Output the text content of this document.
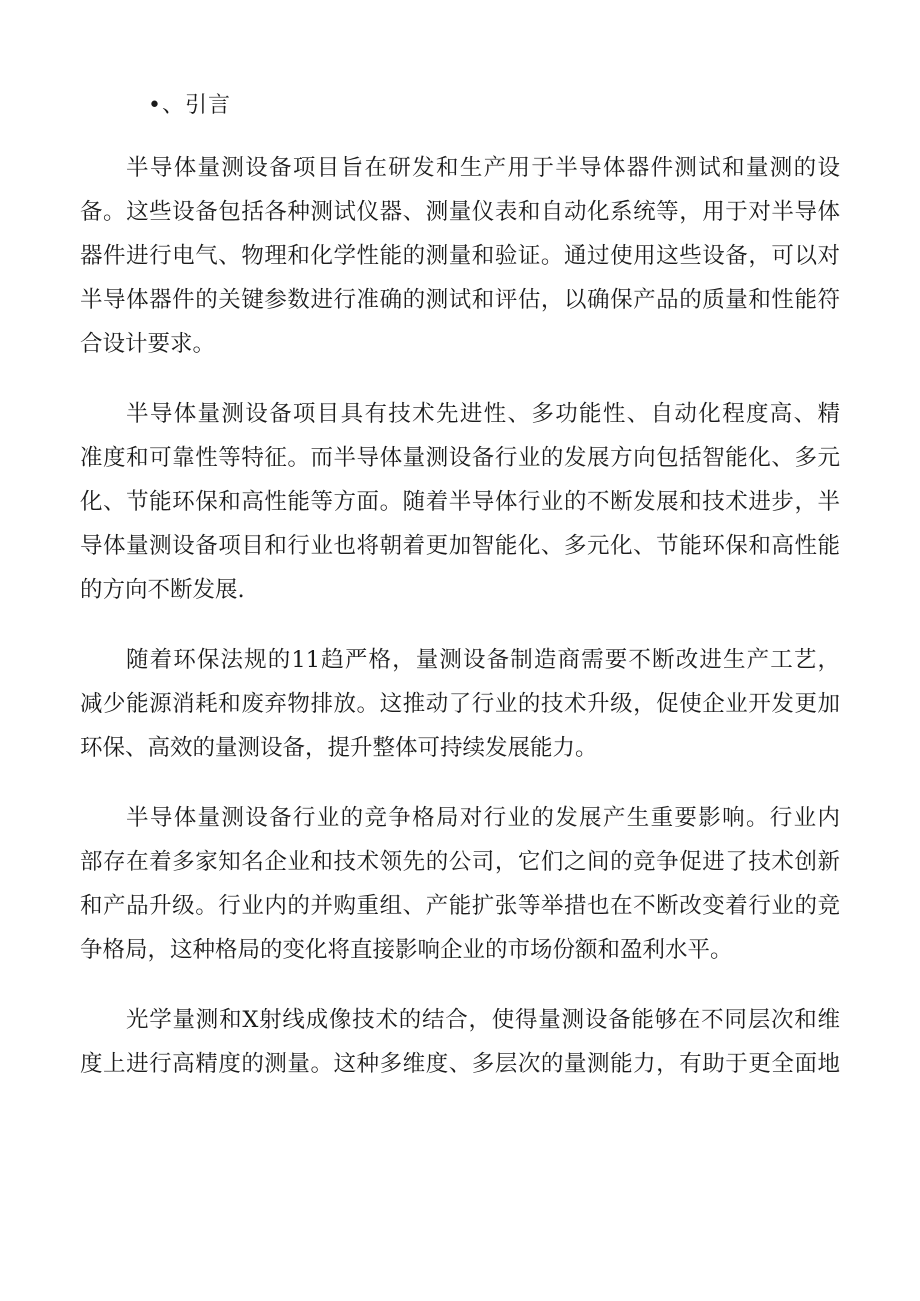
•、引言
半导体量测设备项目旨在研发和生产用于半导体器件测试和量测的设
备。这些设备包括各种测试仪器、测量仪表和自动化系统等，用于对半导体
器件进行电气、物理和化学性能的测量和验证。通过使用这些设备，可以对
半导体器件的关键参数进行准确的测试和评估，以确保产品的质量和性能符
合设计要求。
半导体量测设备项目具有技术先进性、多功能性、自动化程度高、精
准度和可靠性等特征。而半导体量测设备行业的发展方向包括智能化、多元
化、节能环保和高性能等方面。随着半导体行业的不断发展和技术进步，半
导体量测设备项目和行业也将朝着更加智能化、多元化、节能环保和高性能
的方向不断发展.
随着环保法规的11趋严格，量测设备制造商需要不断改进生产工艺，
减少能源消耗和废弃物排放。这推动了行业的技术升级，促使企业开发更加
环保、高效的量测设备，提升整体可持续发展能力。
半导体量测设备行业的竞争格局对行业的发展产生重要影响。行业内
部存在着多家知名企业和技术领先的公司，它们之间的竞争促进了技术创新
和产品升级。行业内的并购重组、产能扩张等举措也在不断改变着行业的竞
争格局，这种格局的变化将直接影响企业的市场份额和盈利水平。
光学量测和X射线成像技术的结合，使得量测设备能够在不同层次和维
度上进行高精度的测量。这种多维度、多层次的量测能力，有助于更全面地
